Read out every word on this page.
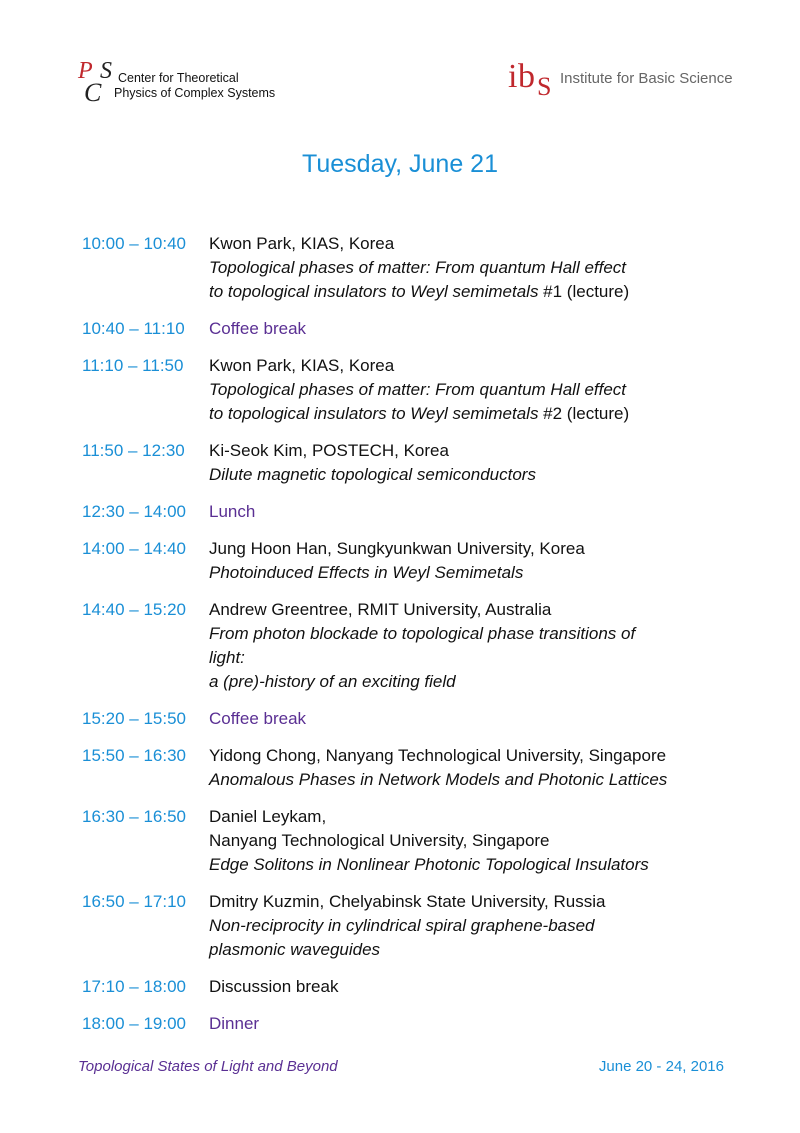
P S
C Center for Theoretical
Physics of Complex Systems	i b S Institute for Basic Science
Tuesday, June 21
10:00 – 10:40	Kwon Park, KIAS, Korea
Topological phases of matter: From quantum Hall effect
to topological insulators to Weyl semimetals #1 (lecture)
10:40 – 11:10	Coffee break
11:10 – 11:50	Kwon Park, KIAS, Korea
Topological phases of matter: From quantum Hall effect
to topological insulators to Weyl semimetals #2 (lecture)
11:50 – 12:30	Ki-Seok Kim, POSTECH, Korea
Dilute magnetic topological semiconductors
12:30 – 14:00	Lunch
14:00 – 14:40	Jung Hoon Han, Sungkyunkwan University, Korea
Photoinduced Effects in Weyl Semimetals
14:40 – 15:20	Andrew Greentree, RMIT University, Australia
From photon blockade to topological phase transitions of
light:
a (pre)-history of an exciting field
15:20 – 15:50	Coffee break
15:50 – 16:30	Yidong Chong, Nanyang Technological University, Singapore
Anomalous Phases in Network Models and Photonic Lattices
16:30 – 16:50	Daniel Leykam,
Nanyang Technological University, Singapore
Edge Solitons in Nonlinear Photonic Topological Insulators
16:50 – 17:10	Dmitry Kuzmin, Chelyabinsk State University, Russia
Non-reciprocity in cylindrical spiral graphene-based
plasmonic waveguides
17:10 – 18:00	Discussion break
18:00 – 19:00	Dinner
Topological States of Light and Beyond	June 20 - 24, 2016
